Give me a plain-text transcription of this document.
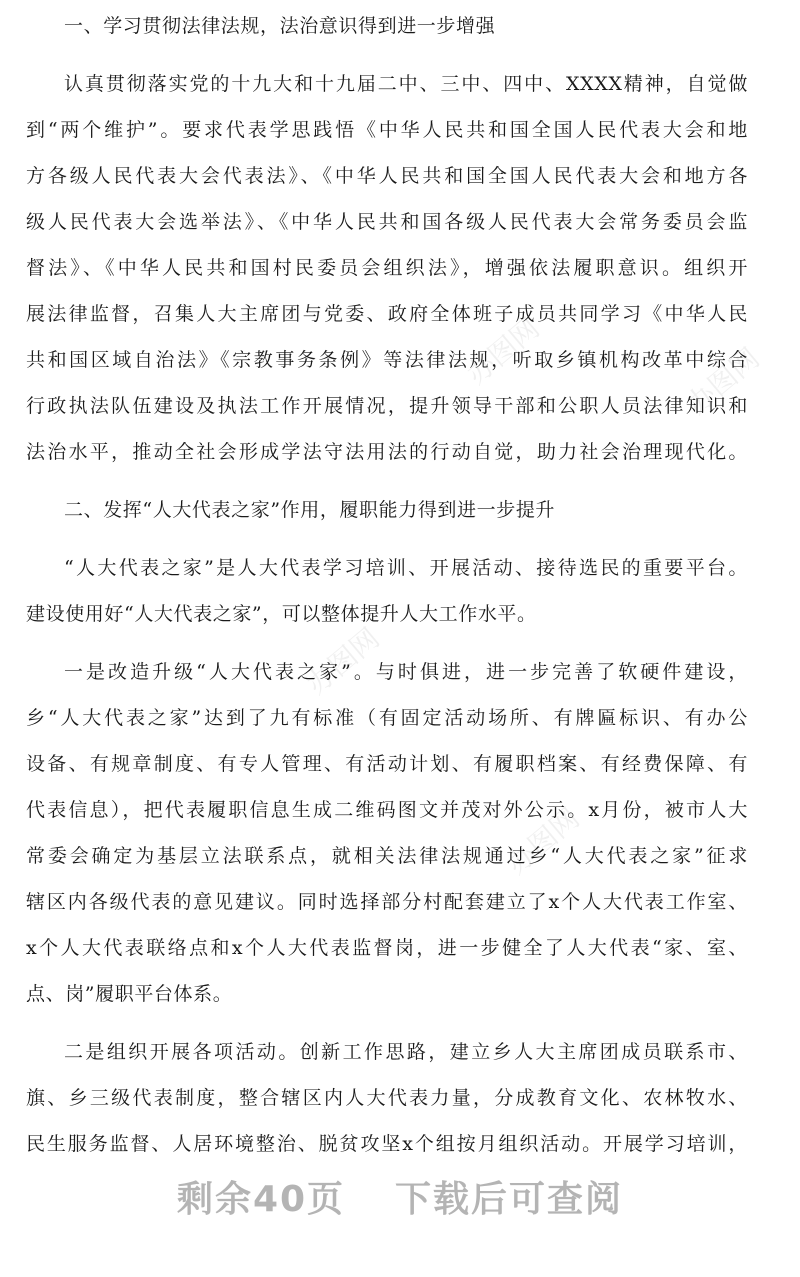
办图网
办图网
办图网
办图网
一、学习贯彻法律法规，法治意识得到进一步增强
认真贯彻落实党的十九大和十九届二中、三中、四中、XXXX精神，自觉做
到“两个维护”。要求代表学思践悟《中华人民共和国全国人民代表大会和地
方各级人民代表大会代表法》、《中华人民共和国全国人民代表大会和地方各
级人民代表大会选举法》、《中华人民共和国各级人民代表大会常务委员会监
督法》、《中华人民共和国村民委员会组织法》，增强依法履职意识。组织开
展法律监督，召集人大主席团与党委、政府全体班子成员共同学习《中华人民
共和国区域自治法》《宗教事务条例》等法律法规，听取乡镇机构改革中综合
行政执法队伍建设及执法工作开展情况，提升领导干部和公职人员法律知识和
法治水平，推动全社会形成学法守法用法的行动自觉，助力社会治理现代化。
二、发挥“人大代表之家”作用，履职能力得到进一步提升
“人大代表之家”是人大代表学习培训、开展活动、接待选民的重要平台。
建设使用好“人大代表之家”，可以整体提升人大工作水平。
一是改造升级“人大代表之家”。与时俱进，进一步完善了软硬件建设，
乡“人大代表之家”达到了九有标准（有固定活动场所、有牌匾标识、有办公
设备、有规章制度、有专人管理、有活动计划、有履职档案、有经费保障、有
代表信息），把代表履职信息生成二维码图文并茂对外公示。x月份，被市人大
常委会确定为基层立法联系点，就相关法律法规通过乡“人大代表之家”征求
辖区内各级代表的意见建议。同时选择部分村配套建立了x个人大代表工作室、
x个人大代表联络点和x个人大代表监督岗，进一步健全了人大代表“家、室、
点、岗”履职平台体系。
二是组织开展各项活动。创新工作思路，建立乡人大主席团成员联系市、
旗、乡三级代表制度，整合辖区内人大代表力量，分成教育文化、农林牧水、
民生服务监督、人居环境整治、脱贫攻坚x个组按月组织活动。开展学习培训，
剩余40页 下载后可查阅
